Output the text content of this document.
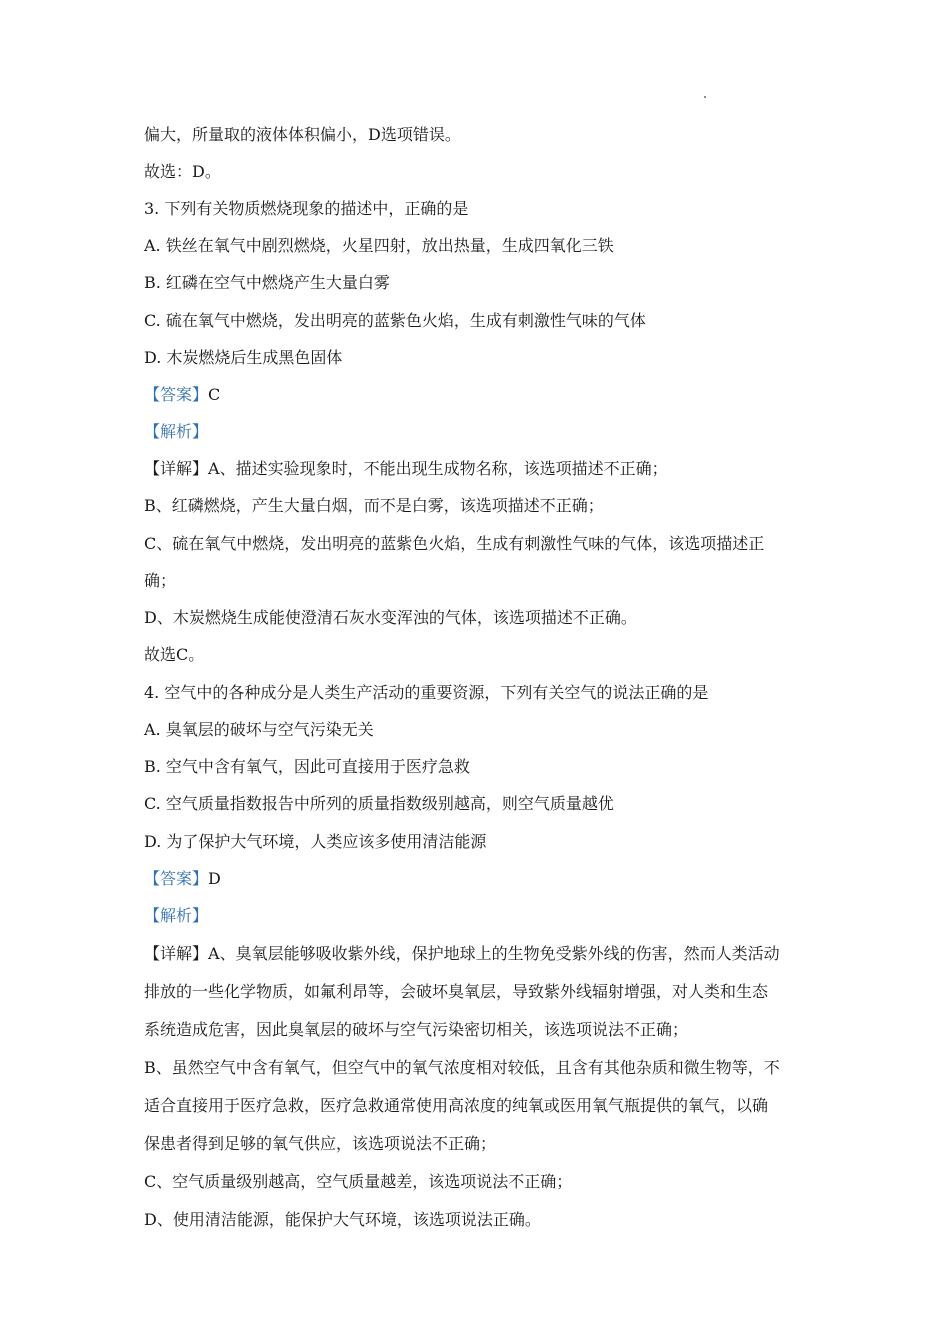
偏大，所量取的液体体积偏小，D选项错误。
故选：D。
3. 下列有关物质燃烧现象的描述中，正确的是
A. 铁丝在氧气中剧烈燃烧，火星四射，放出热量，生成四氧化三铁
B. 红磷在空气中燃烧产生大量白雾
C. 硫在氧气中燃烧，发出明亮的蓝紫色火焰，生成有刺激性气味的气体
D. 木炭燃烧后生成黑色固体
【答案】C
【解析】
【详解】A、描述实验现象时，不能出现生成物名称，该选项描述不正确；
B、红磷燃烧，产生大量白烟，而不是白雾，该选项描述不正确；
C、硫在氧气中燃烧，发出明亮的蓝紫色火焰，生成有刺激性气味的气体，该选项描述正
确；
D、木炭燃烧生成能使澄清石灰水变浑浊的气体，该选项描述不正确。
故选C。
4. 空气中的各种成分是人类生产活动的重要资源，下列有关空气的说法正确的是
A. 臭氧层的破坏与空气污染无关
B. 空气中含有氧气，因此可直接用于医疗急救
C. 空气质量指数报告中所列的质量指数级别越高，则空气质量越优
D. 为了保护大气环境，人类应该多使用清洁能源
【答案】D
【解析】
【详解】A、臭氧层能够吸收紫外线，保护地球上的生物免受紫外线的伤害，然而人类活动
排放的一些化学物质，如氟利昂等，会破坏臭氧层，导致紫外线辐射增强，对人类和生态
系统造成危害，因此臭氧层的破坏与空气污染密切相关，该选项说法不正确；
B、虽然空气中含有氧气，但空气中的氧气浓度相对较低，且含有其他杂质和微生物等，不
适合直接用于医疗急救，医疗急救通常使用高浓度的纯氧或医用氧气瓶提供的氧气，以确
保患者得到足够的氧气供应，该选项说法不正确；
C、空气质量级别越高，空气质量越差，该选项说法不正确；
D、使用清洁能源，能保护大气环境，该选项说法正确。
